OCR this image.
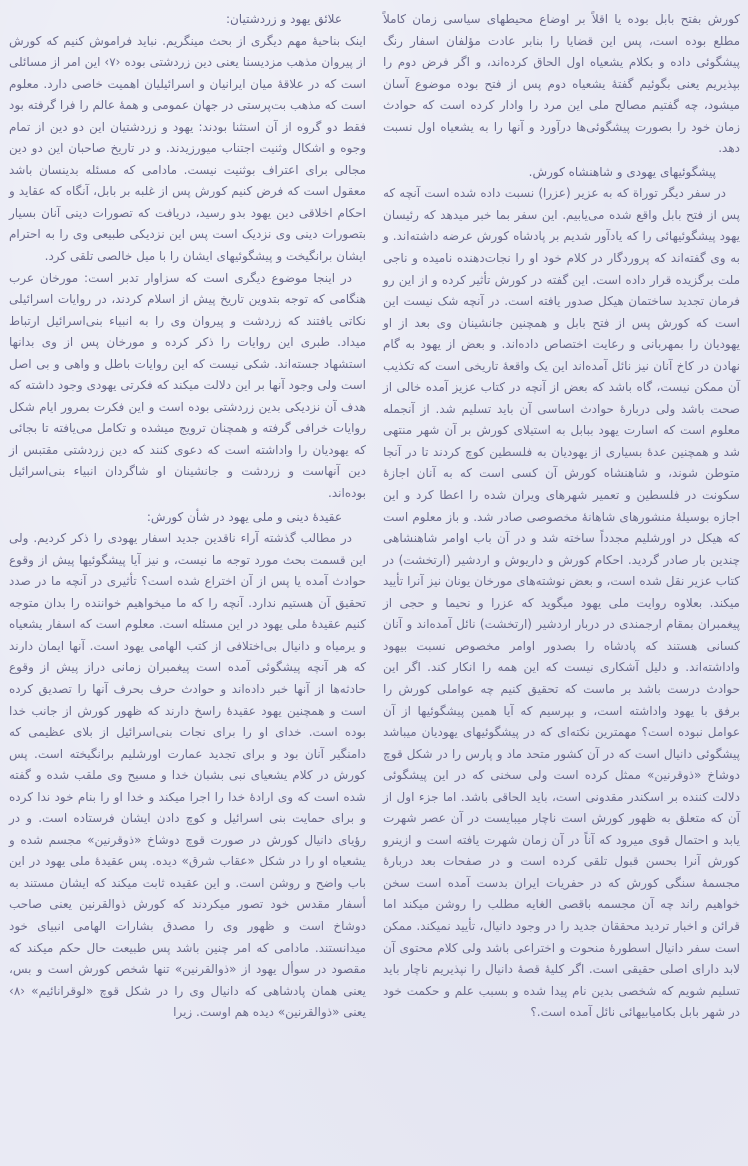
کورش بفتح بابل بوده یا اقلاً بر اوضاع محیطهای سیاسی زمان کاملاً مطلع بوده است، پس این قضایا را بنابر عادت مؤلفان اسفار رنگ پیشگوئی داده و بکلام یشعیاه اول الحاق کرده‌اند، و اگر فرض دوم را بپذیریم یعنی بگوئیم گفتهٔ یشعیاه دوم پس از فتح بوده موضوع آسان میشود، چه گفتیم مصالح ملی این مرد را وادار کرده است که حوادث زمان خود را بصورت پیشگوئی‌ها درآورد و آنها را به یشعیاه اول نسبت دهد.

پیشگوئیهای یهودی و شاهنشاه کورش.

در سفر دیگر توراة که به عزیر (عزرا) نسبت داده شده است آنچه که پس از فتح بابل واقع شده می‌یابیم. این سفر بما خبر میدهد که رئیسان یهود پیشگوئیهائی را که یادآور شدیم بر پادشاه کورش عرضه داشته‌اند. و به وی گفته‌اند که پروردگار در کلام خود او را نجات‌دهنده نامیده و ناجی ملت برگزیده قرار داده است. این گفته در کورش تأثیر کرده و از این رو فرمان تجدید ساختمان هیکل صدور یافته است. در آنچه شک نیست این است که کورش پس از فتح بابل و همچنین جانشینان وی بعد از او یهودیان را بمهربانی و رعایت اختصاص داده‌اند. و بعض از یهود به گام نهادن در کاخ آنان نیز نائل آمده‌اند این یک واقعهٔ تاریخی است که تکذیب آن ممکن نیست، گاه باشد که بعض از آنچه در کتاب عزیز آمده خالی از صحت باشد ولی دربارهٔ حوادث اساسی آن باید تسلیم شد. از آنجمله معلوم است که اسارت یهود ببابل به استیلای کورش بر آن شهر منتهی شد و همچنین عدهٔ بسیاری از یهودیان به فلسطین کوچ کردند تا در آنجا متوطن شوند، و شاهنشاه کورش آن کسی است که به آنان اجازهٔ سکونت در فلسطین و تعمیر شهرهای ویران شده را اعطا کرد و این اجازه بوسیلهٔ منشورهای شاهانهٔ مخصوصی صادر شد. و باز معلوم است که هیکل در اورشلیم مجدداً ساخته شد و در آن باب اوامر شاهنشاهی چندین بار صادر گردید. احکام کورش و داریوش و اردشیر (ارتخشت) در کتاب عزیر نقل شده است، و بعض نوشته‌های مورخان یونان نیز آنرا تأیید میکند. بعلاوه روایت ملی یهود میگوید که عزرا و نحیما و حجی از پیغمبران بمقام ارجمندی در دربار اردشیر (ارتخشت) نائل آمده‌اند و آنان کسانی هستند که پادشاه را بصدور اوامر مخصوص نسبت بیهود واداشته‌اند. و دلیل آشکاری نیست که این همه را انکار کند. اگر این حوادث درست باشد بر ماست که تحقیق کنیم چه عواملی کورش را برفق با یهود واداشته است، و بپرسیم که آیا همین پیشگوئیها از آن عوامل نبوده است؟ مهمترین نکته‌ای که در پیشگوئیهای یهودیان میباشد پیشگوئی دانیال است که در آن کشور متحد ماد و پارس را در شکل قوچ دوشاخ «ذوقرنین» ممثل کرده است ولی سخنی که در این پیشگوئی دلالت کننده بر اسکندر مقدونی است، باید الحاقی باشد. اما جزء اول از آن که متعلق به ظهور کورش است ناچار میبایست در آن عصر شهرت یابد و احتمال قوی میرود که آناً در آن زمان شهرت یافته است و ازینرو کورش آنرا بحسن قبول تلقی کرده است و در صفحات بعد دربارهٔ مجسمهٔ سنگی کورش که در حفریات ایران بدست آمده است سخن خواهیم راند چه آن مجسمه باقصی الغایه مطلب را روشن میکند اما قرائن و اخبار تردید محققان جدید را در وجود دانیال، تأیید نمیکند. ممکن است سفر دانیال اسطورهٔ منحوت و اختراعی باشد ولی کلام محتوی آن لابد دارای اصلی حقیقی است. اگر کلیهٔ قصهٔ دانیال را نپذیریم ناچار باید تسلیم شویم که شخصی بدین نام پیدا شده و بسبب علم و حکمت خود در شهر بابل بکامیابیهائی نائل آمده است.؟

علائق یهود و زردشتیان:

اینک بناحیهٔ مهم دیگری از بحث مینگریم. نباید فراموش کنیم که کورش از پیروان مذهب مزدیسنا یعنی دین زردشتی بوده ‹۷› این امر از مسائلی است که در علاقهٔ میان ایرانیان و اسرائیلیان اهمیت خاصی دارد. معلوم است که مذهب بت‌پرستی در جهان عمومی و همهٔ عالم را فرا گرفته بود فقط دو گروه از آن استثنا بودند: یهود و زردشتیان این دو دین از تمام وجوه و اشکال وثنیت اجتناب میورزیدند. و در تاریخ صاحبان این دو دین مجالی برای اعتراف بوثنیت نیست. مادامی که مسئله بدینسان باشد معقول است که فرض کنیم کورش پس از غلبه بر بابل، آنگاه که عقاید و احکام اخلاقی دین یهود بدو رسید، دریافت که تصورات دینی آنان بسیار بتصورات دینی وی نزدیک است پس این نزدیکی طبیعی وی را به احترام ایشان برانگیخت و پیشگوئیهای ایشان را با میل خالصی تلقی کرد.

در اینجا موضوع دیگری است که سزاوار تدبر است: مورخان عرب هنگامی که توجه بتدوین تاریخ پیش از اسلام کردند، در روایات اسرائیلی نکاتی یافتند که زردشت و پیروان وی را به انبیاء بنی‌اسرائیل ارتباط میداد. طبری این روایات را ذکر کرده و مورخان پس از وی بدانها استشهاد جسته‌اند. شکی نیست که این روایات باطل و واهی و بی اصل است ولی وجود آنها بر این دلالت میکند که فکرتی یهودی وجود داشته که هدف آن نزدیکی بدین زردشتی بوده است و این فکرت بمرور ایام شکل روایات خرافی گرفته و همچنان ترویج میشده و تکامل می‌یافته تا بجائی که یهودیان را واداشته است که دعوی کنند که دین زردشتی مقتبس از دین آنهاست و زردشت و جانشینان او شاگردان انبیاء بنی‌اسرائیل بوده‌اند.

عقیدهٔ دینی و ملی یهود در شأن کورش:

در مطالب گذشته آراء ناقدین جدید اسفار یهودی را ذکر کردیم. ولی این قسمت بحث مورد توجه ما نیست، و نیز آیا پیشگوئیها پیش از وقوع حوادث آمده یا پس از آن اختراع شده است؟ تأثیری در آنچه ما در صدد تحقیق آن هستیم ندارد. آنچه را که ما میخواهیم خواننده را بدان متوجه کنیم عقیدهٔ ملی یهود در این مسئله است. معلوم است که اسفار یشعیاه و یرمیاه و دانیال بی‌اختلافی از کتب الهامی یهود است. آنها ایمان دارند که هر آنچه پیشگوئی آمده است پیغمبران زمانی دراز پیش از وقوع حادثه‌ها از آنها خبر داده‌اند و حوادث حرف بحرف آنها را تصدیق کرده است و همچنین یهود عقیدهٔ راسخ دارند که ظهور کورش از جانب خدا بوده است. خدای او را برای نجات بنی‌اسرائیل از بلای عظیمی که دامنگیر آنان بود و برای تجدید عمارت اورشلیم برانگیخته است. پس کورش در کلام یشعیای نبی بشبان خدا و مسیح وی ملقب شده و گفته شده است که وی ارادهٔ خدا را اجرا میکند و خدا او را بنام خود ندا کرده و برای حمایت بنی اسرائیل و کوچ دادن ایشان فرستاده است. و در رؤیای دانیال کورش در صورت قوچ دوشاخ «ذوقرنین» مجسم شده و یشعیاه او را در شکل «عقاب شرق» دیده. پس عقیدهٔ ملی یهود در این باب واضح و روشن است. و این عقیده ثابت میکند که ایشان مستند به أسفار مقدس خود تصور میکردند که کورش ذوالقرنین یعنی صاحب دوشاخ است و ظهور وی را مصدق بشارات الهامی انبیای خود میدانستند. مادامی که امر چنین باشد پس طبیعت حال حکم میکند که مقصود در سوأل یهود از «ذوالقرنین» تنها شخص کورش است و بس، یعنی همان پادشاهی که دانیال وی را در شکل قوچ «لوقرانائیم» ‹۸› یعنی «ذوالقرنین» دیده هم اوست. زیرا
